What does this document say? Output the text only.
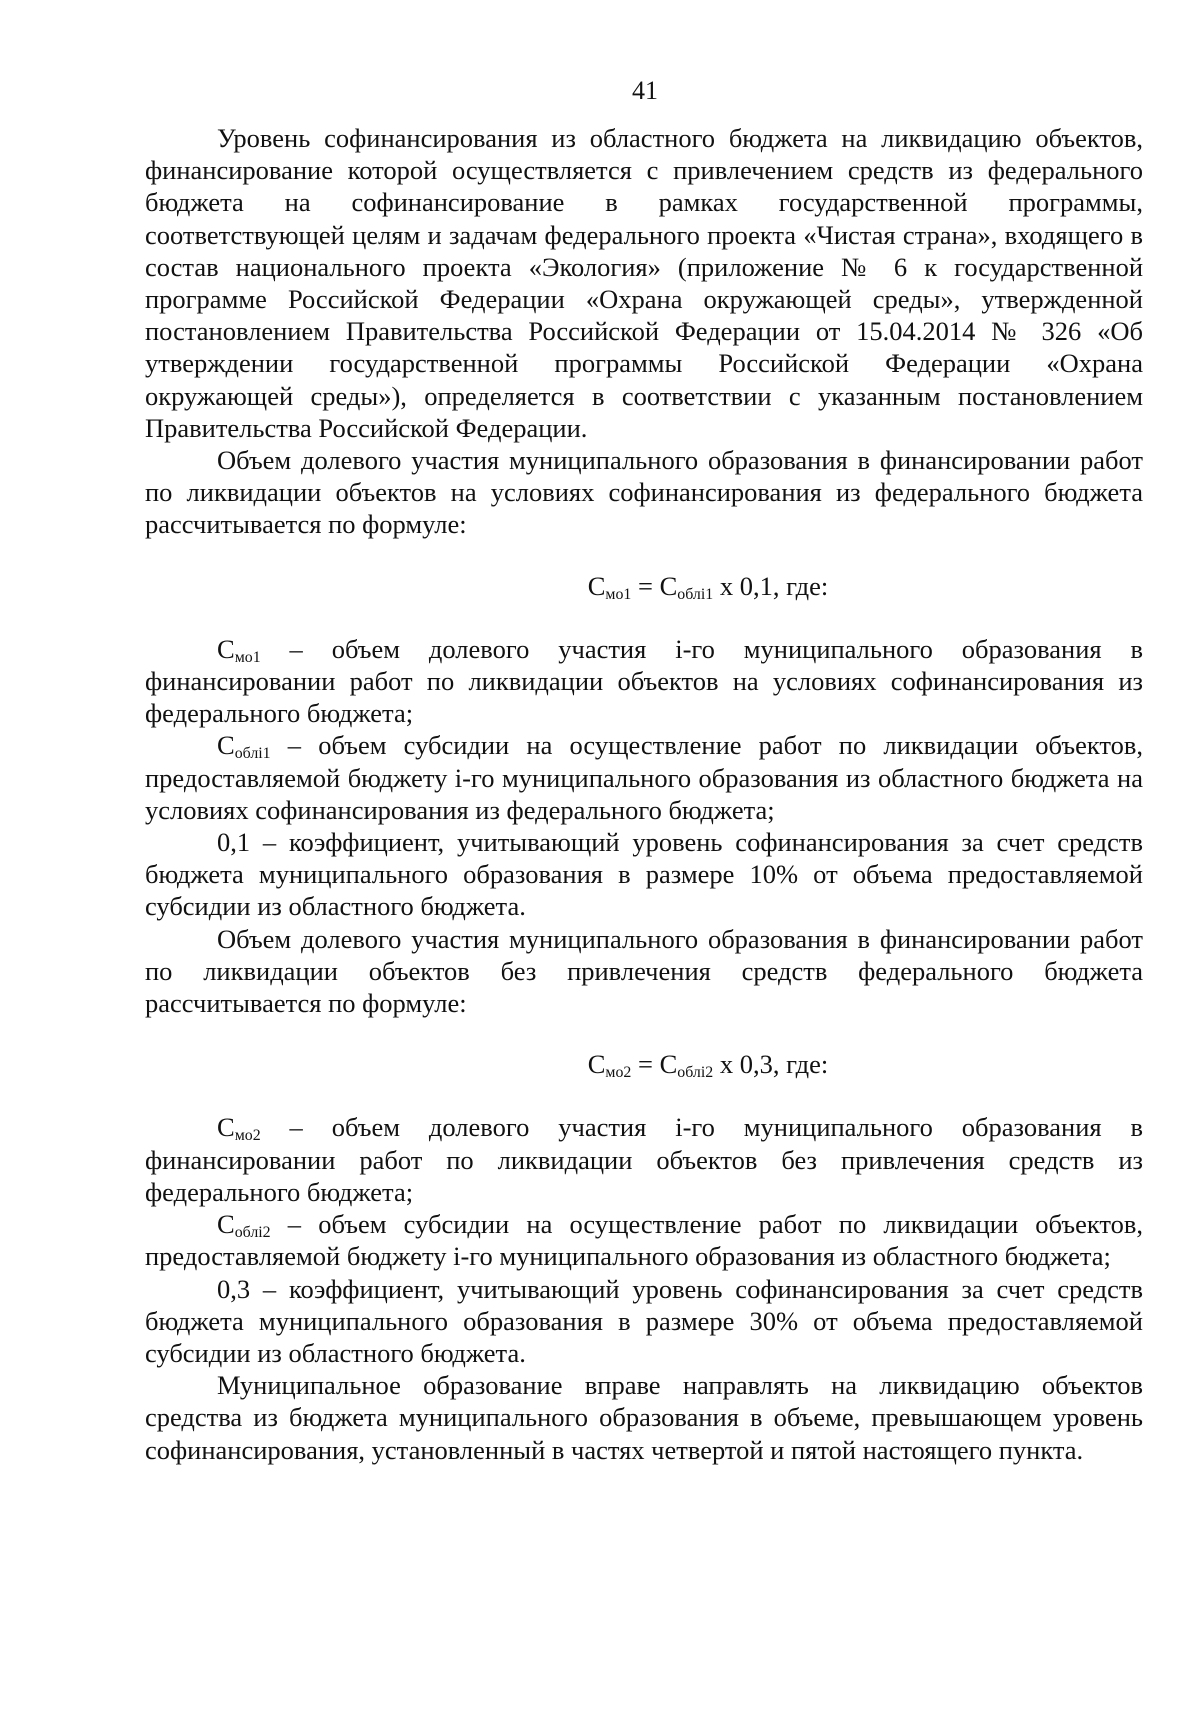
41

Уровень софинансирования из областного бюджета на ликвидацию объектов, финансирование которой осуществляется с привлечением средств из федерального бюджета на софинансирование в рамках государственной программы, соответствующей целям и задачам федерального проекта «Чистая страна», входящего в состав национального проекта «Экология» (приложение № 6 к государственной программе Российской Федерации «Охрана окружающей среды», утвержденной постановлением Правительства Российской Федерации от 15.04.2014 № 326 «Об утверждении государственной программы Российской Федерации «Охрана окружающей среды»), определяется в соответствии с указанным постановлением Правительства Российской Федерации.

Объем долевого участия муниципального образования в финансировании работ по ликвидации объектов на условиях софинансирования из федерального бюджета рассчитывается по формуле:

$С_{мо1} = С_{облi1}$ х 0,1, где:

$С_{мо1}$ – объем долевого участия i-го муниципального образования в финансировании работ по ликвидации объектов на условиях софинансирования из федерального бюджета;

$С_{облi1}$ – объем субсидии на осуществление работ по ликвидации объектов, предоставляемой бюджету i-го муниципального образования из областного бюджета на условиях софинансирования из федерального бюджета;

0,1 – коэффициент, учитывающий уровень софинансирования за счет средств бюджета муниципального образования в размере 10% от объема предоставляемой субсидии из областного бюджета.

Объем долевого участия муниципального образования в финансировании работ по ликвидации объектов без привлечения средств федерального бюджета рассчитывается по формуле:

$С_{мо2} = С_{облi2}$ х 0,3, где:

$С_{мо2}$ – объем долевого участия i-го муниципального образования в финансировании работ по ликвидации объектов без привлечения средств из федерального бюджета;

$С_{облi2}$ – объем субсидии на осуществление работ по ликвидации объектов, предоставляемой бюджету i-го муниципального образования из областного бюджета;

0,3 – коэффициент, учитывающий уровень софинансирования за счет средств бюджета муниципального образования в размере 30% от объема предоставляемой субсидии из областного бюджета.

Муниципальное образование вправе направлять на ликвидацию объектов средства из бюджета муниципального образования в объеме, превышающем уровень софинансирования, установленный в частях четвертой и пятой настоящего пункта.
